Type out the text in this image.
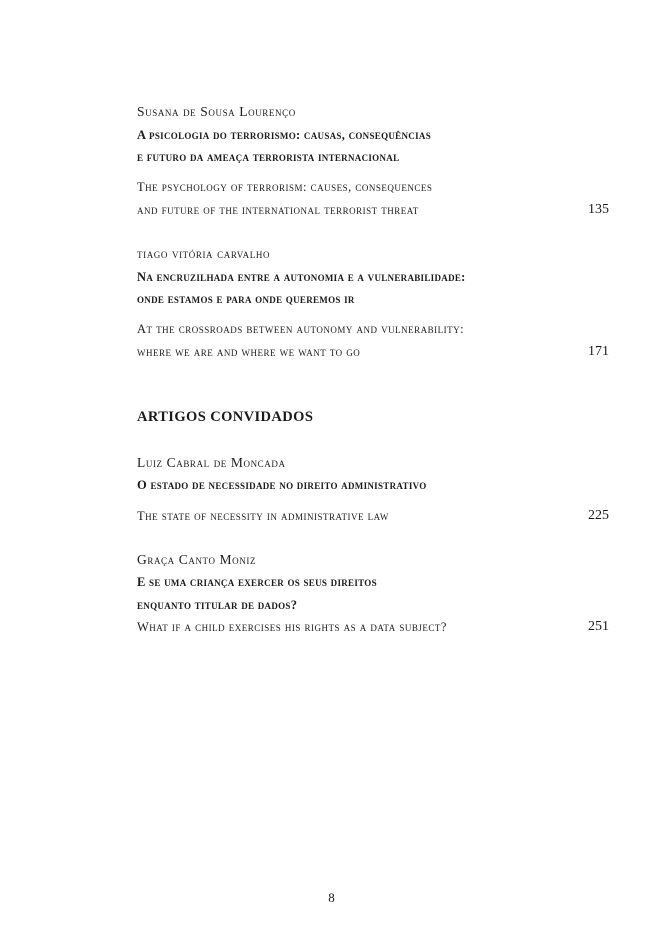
Susana de Sousa Lourenço
A psicologia do terrorismo: causas, consequências
e futuro da ameaça terrorista internacional
The psychology of terrorism: causes, consequences
and future of the international terrorist threat	135
tiago vitória carvalho
Na encruzilhada entre a autonomia e a vulnerabilidade:
onde estamos e para onde queremos ir
At the crossroads between autonomy and vulnerability:
where we are and where we want to go	171
ARTIGOS CONVIDADOS
Luiz Cabral de Moncada
O estado de necessidade no direito administrativo
The state of necessity in administrative law	225
Graça Canto Moniz
E se uma criança exercer os seus direitos
enquanto titular de dados?
What if a child exercises his rights as a data subject?	251
8
